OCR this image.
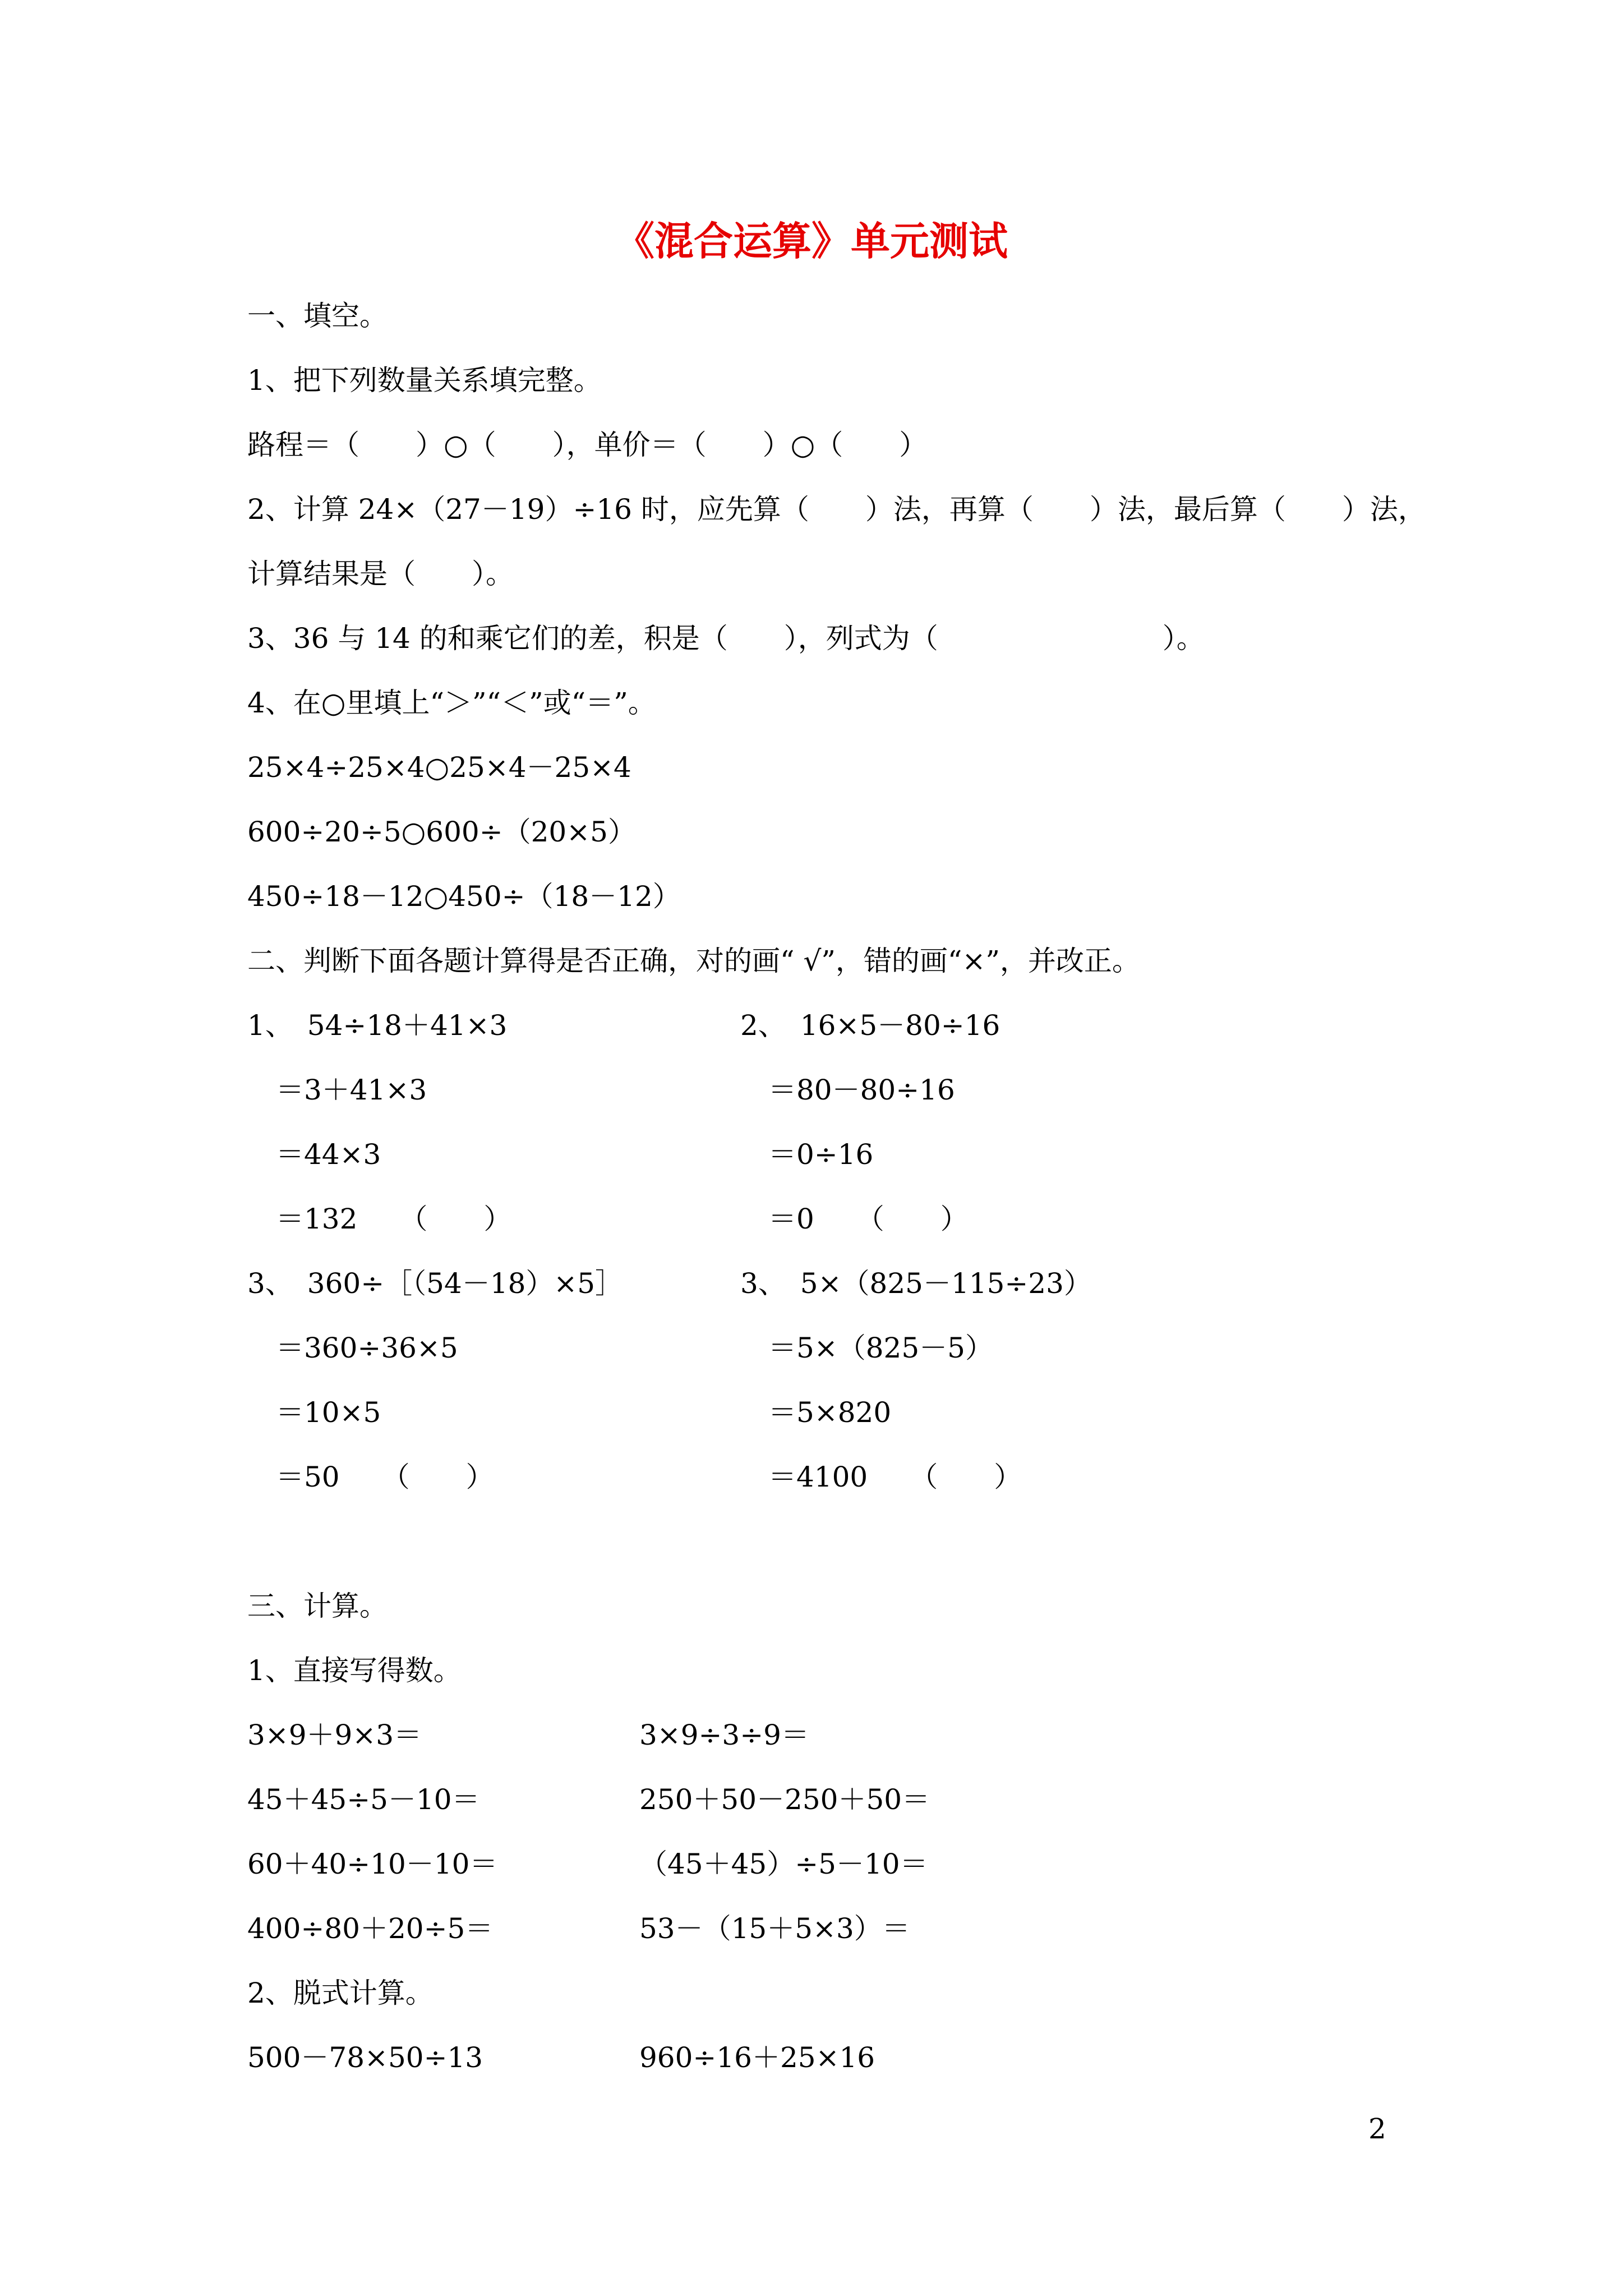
《混合运算》单元测试
一、填空。
1、把下列数量关系填完整。
路程＝（　　）○（　　），单价＝（　　）○（　　）
2、计算 24×（27－19）÷16 时，应先算（　　）法，再算（　　）法，最后算（　　）法，
计算结果是（　　）。
3、36 与 14 的和乘它们的差，积是（　　），列式为（　　　　　　　　）。
4、在○里填上“＞”“＜”或“＝”。
25×4÷25×4○25×4－25×4
600÷20÷5○600÷（20×5）
450÷18－12○450÷（18－12）
二、判断下面各题计算得是否正确，对的画“ √”，错的画“×”，并改正。
1、　54÷18＋41×3
＝3＋41×3
＝44×3
＝132　　（　　）
2、　16×5－80÷16
＝80－80÷16
＝0÷16
＝0　　（　　）
3、　360÷［（54－18）×5］
＝360÷36×5
＝10×5
＝50　　（　　）
3、　5×（825－115÷23）
＝5×（825－5）
＝5×820
＝4100　　（　　）
三、计算。
1、直接写得数。
3×9＋9×3＝	3×9÷3÷9＝
45＋45÷5－10＝	250＋50－250＋50＝
60＋40÷10－10＝	（45＋45）÷5－10＝
400÷80＋20÷5＝	53－（15＋5×3）＝
2、脱式计算。
500－78×50÷13	960÷16＋25×16
2
